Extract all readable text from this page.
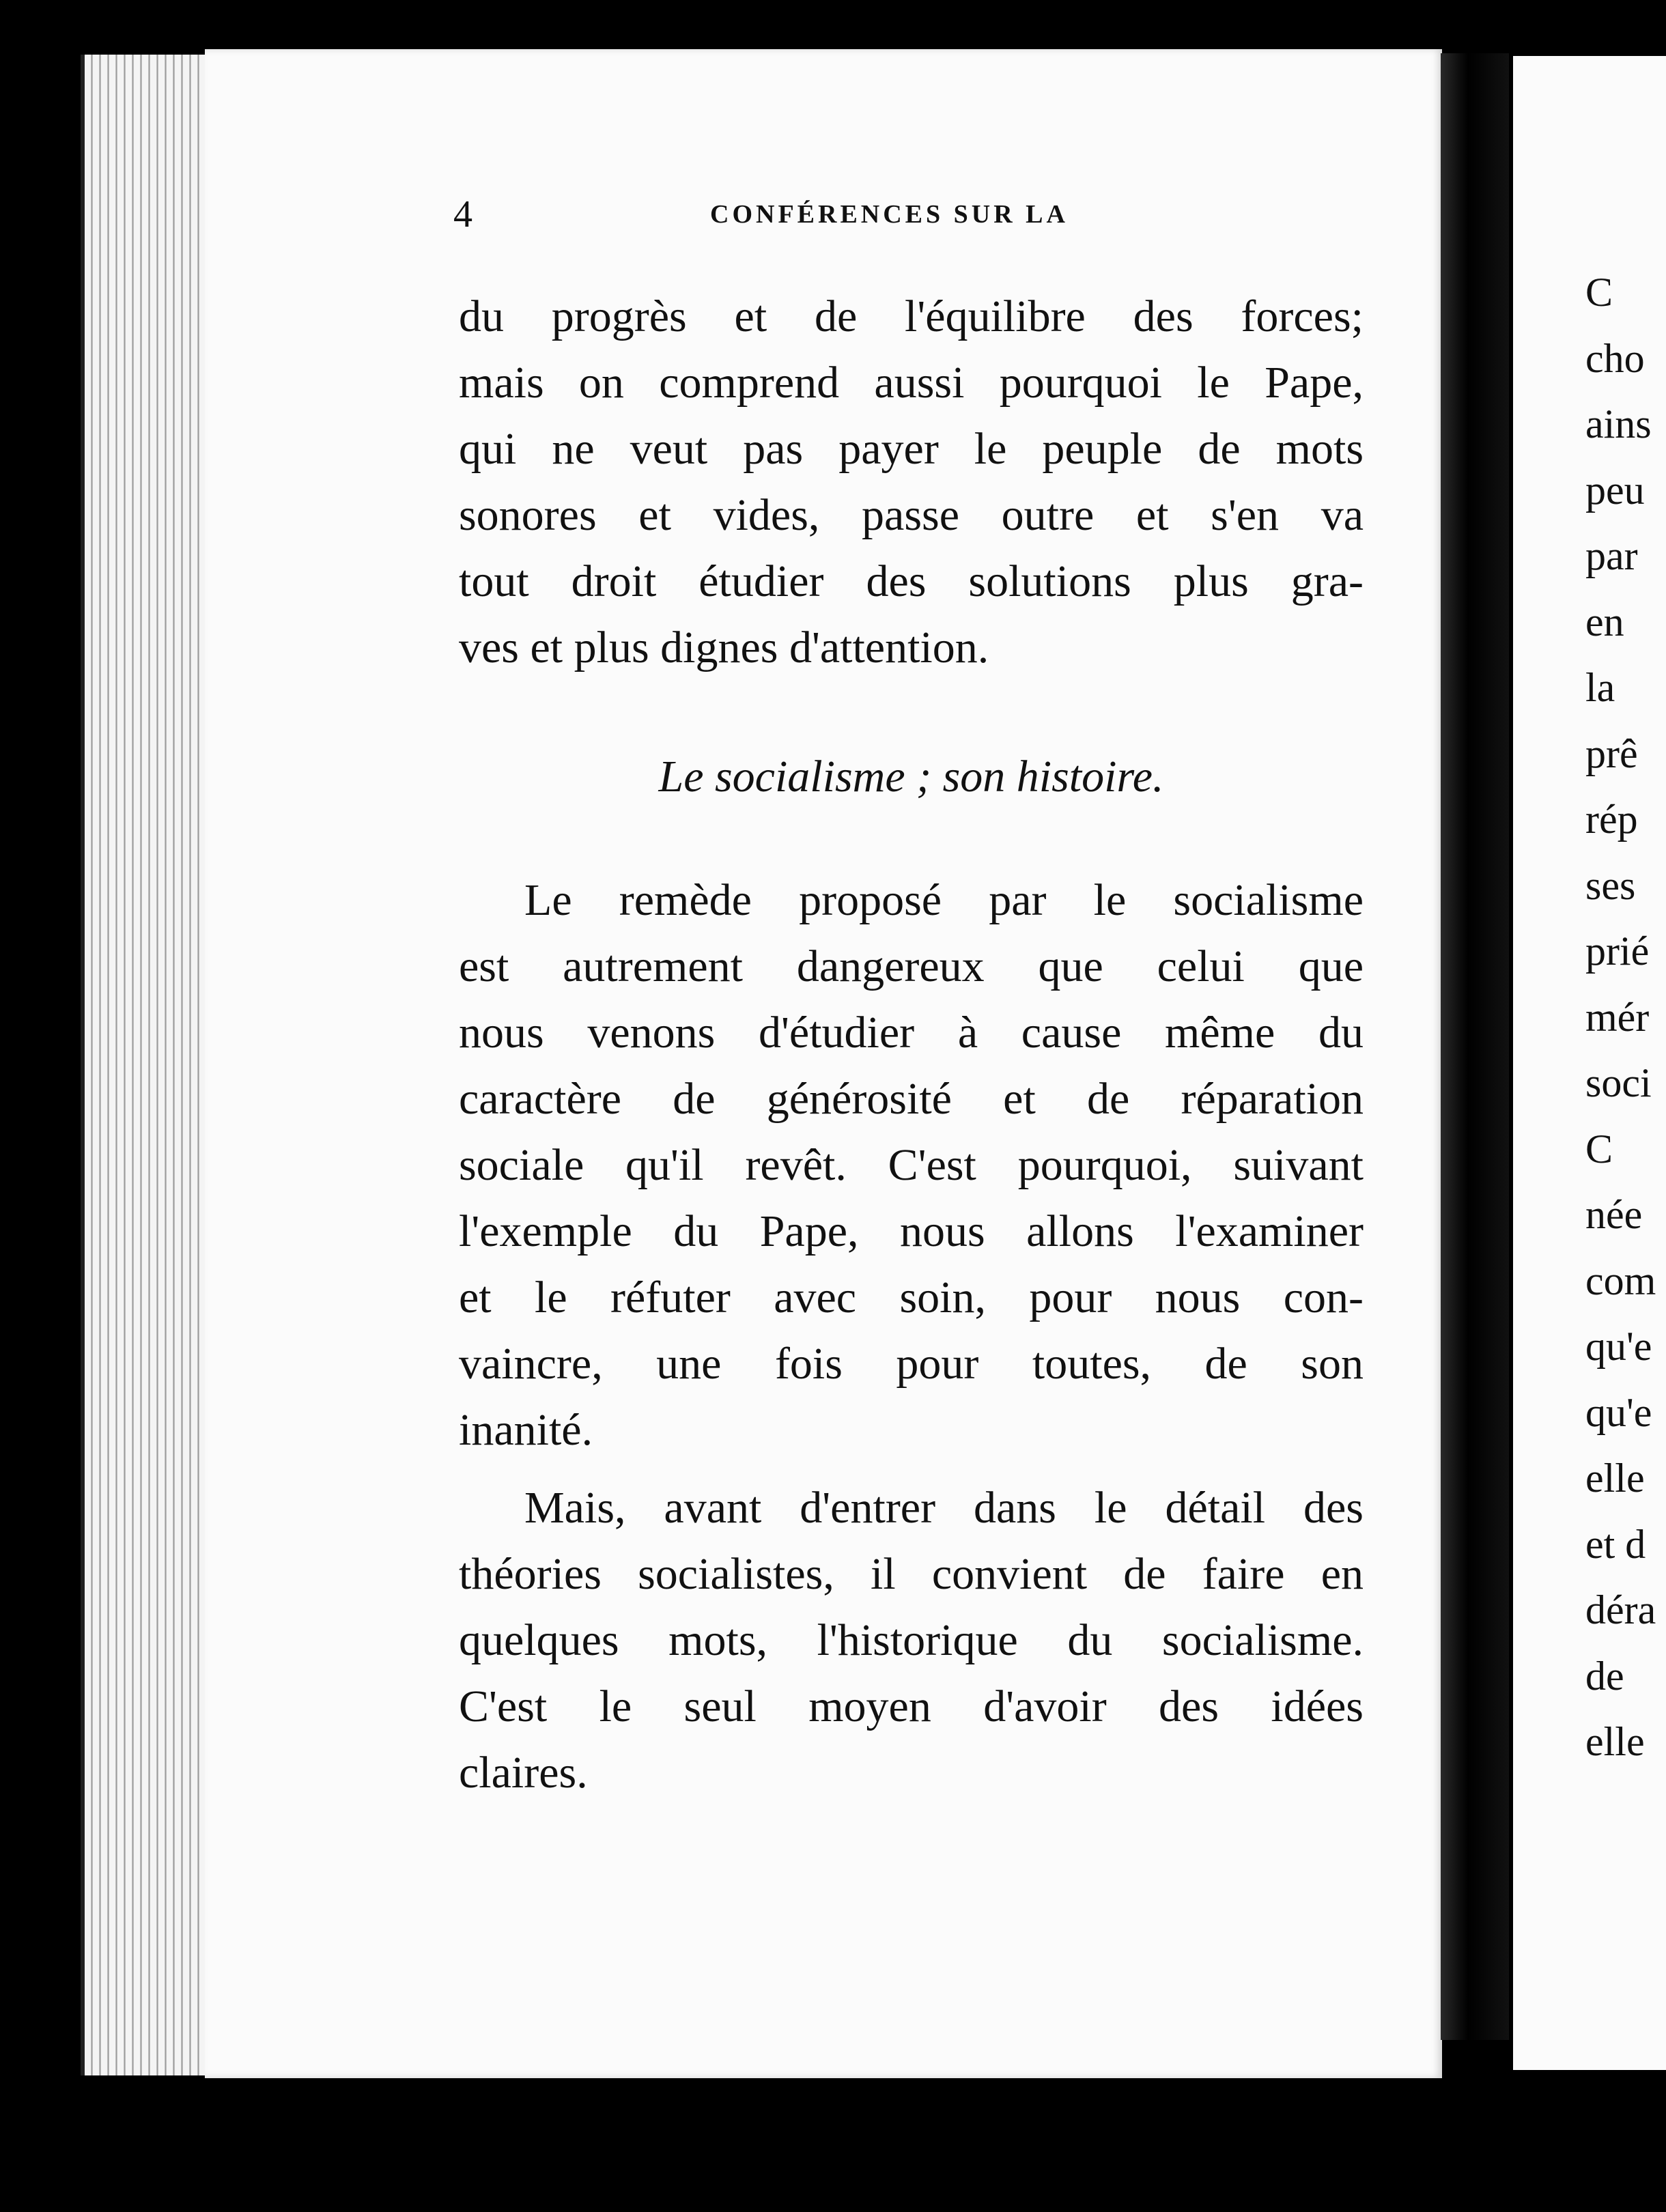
4	CONFÉRENCES SUR LA
du progrès et de l'équilibre des forces;
mais on comprend aussi pourquoi le Pape,
qui ne veut pas payer le peuple de mots
sonores et vides, passe outre et s'en va
tout droit étudier des solutions plus gra-
ves et plus dignes d'attention.
Le socialisme ; son histoire.
Le remède proposé par le socialisme
est autrement dangereux que celui que
nous venons d'étudier à cause même du
caractère de générosité et de réparation
sociale qu'il revêt. C'est pourquoi, suivant
l'exemple du Pape, nous allons l'examiner
et le réfuter avec soin, pour nous con-
vaincre, une fois pour toutes, de son
inanité.
Mais, avant d'entrer dans le détail des
théories socialistes, il convient de faire en
quelques mots, l'historique du socialisme.
C'est le seul moyen d'avoir des idées
claires.
C
cho
ains
peu
par
en
la
prê
rép
ses
prié
mér
soci
C
née
com
qu'e
qu'e
elle
et d
déra
de
elle
